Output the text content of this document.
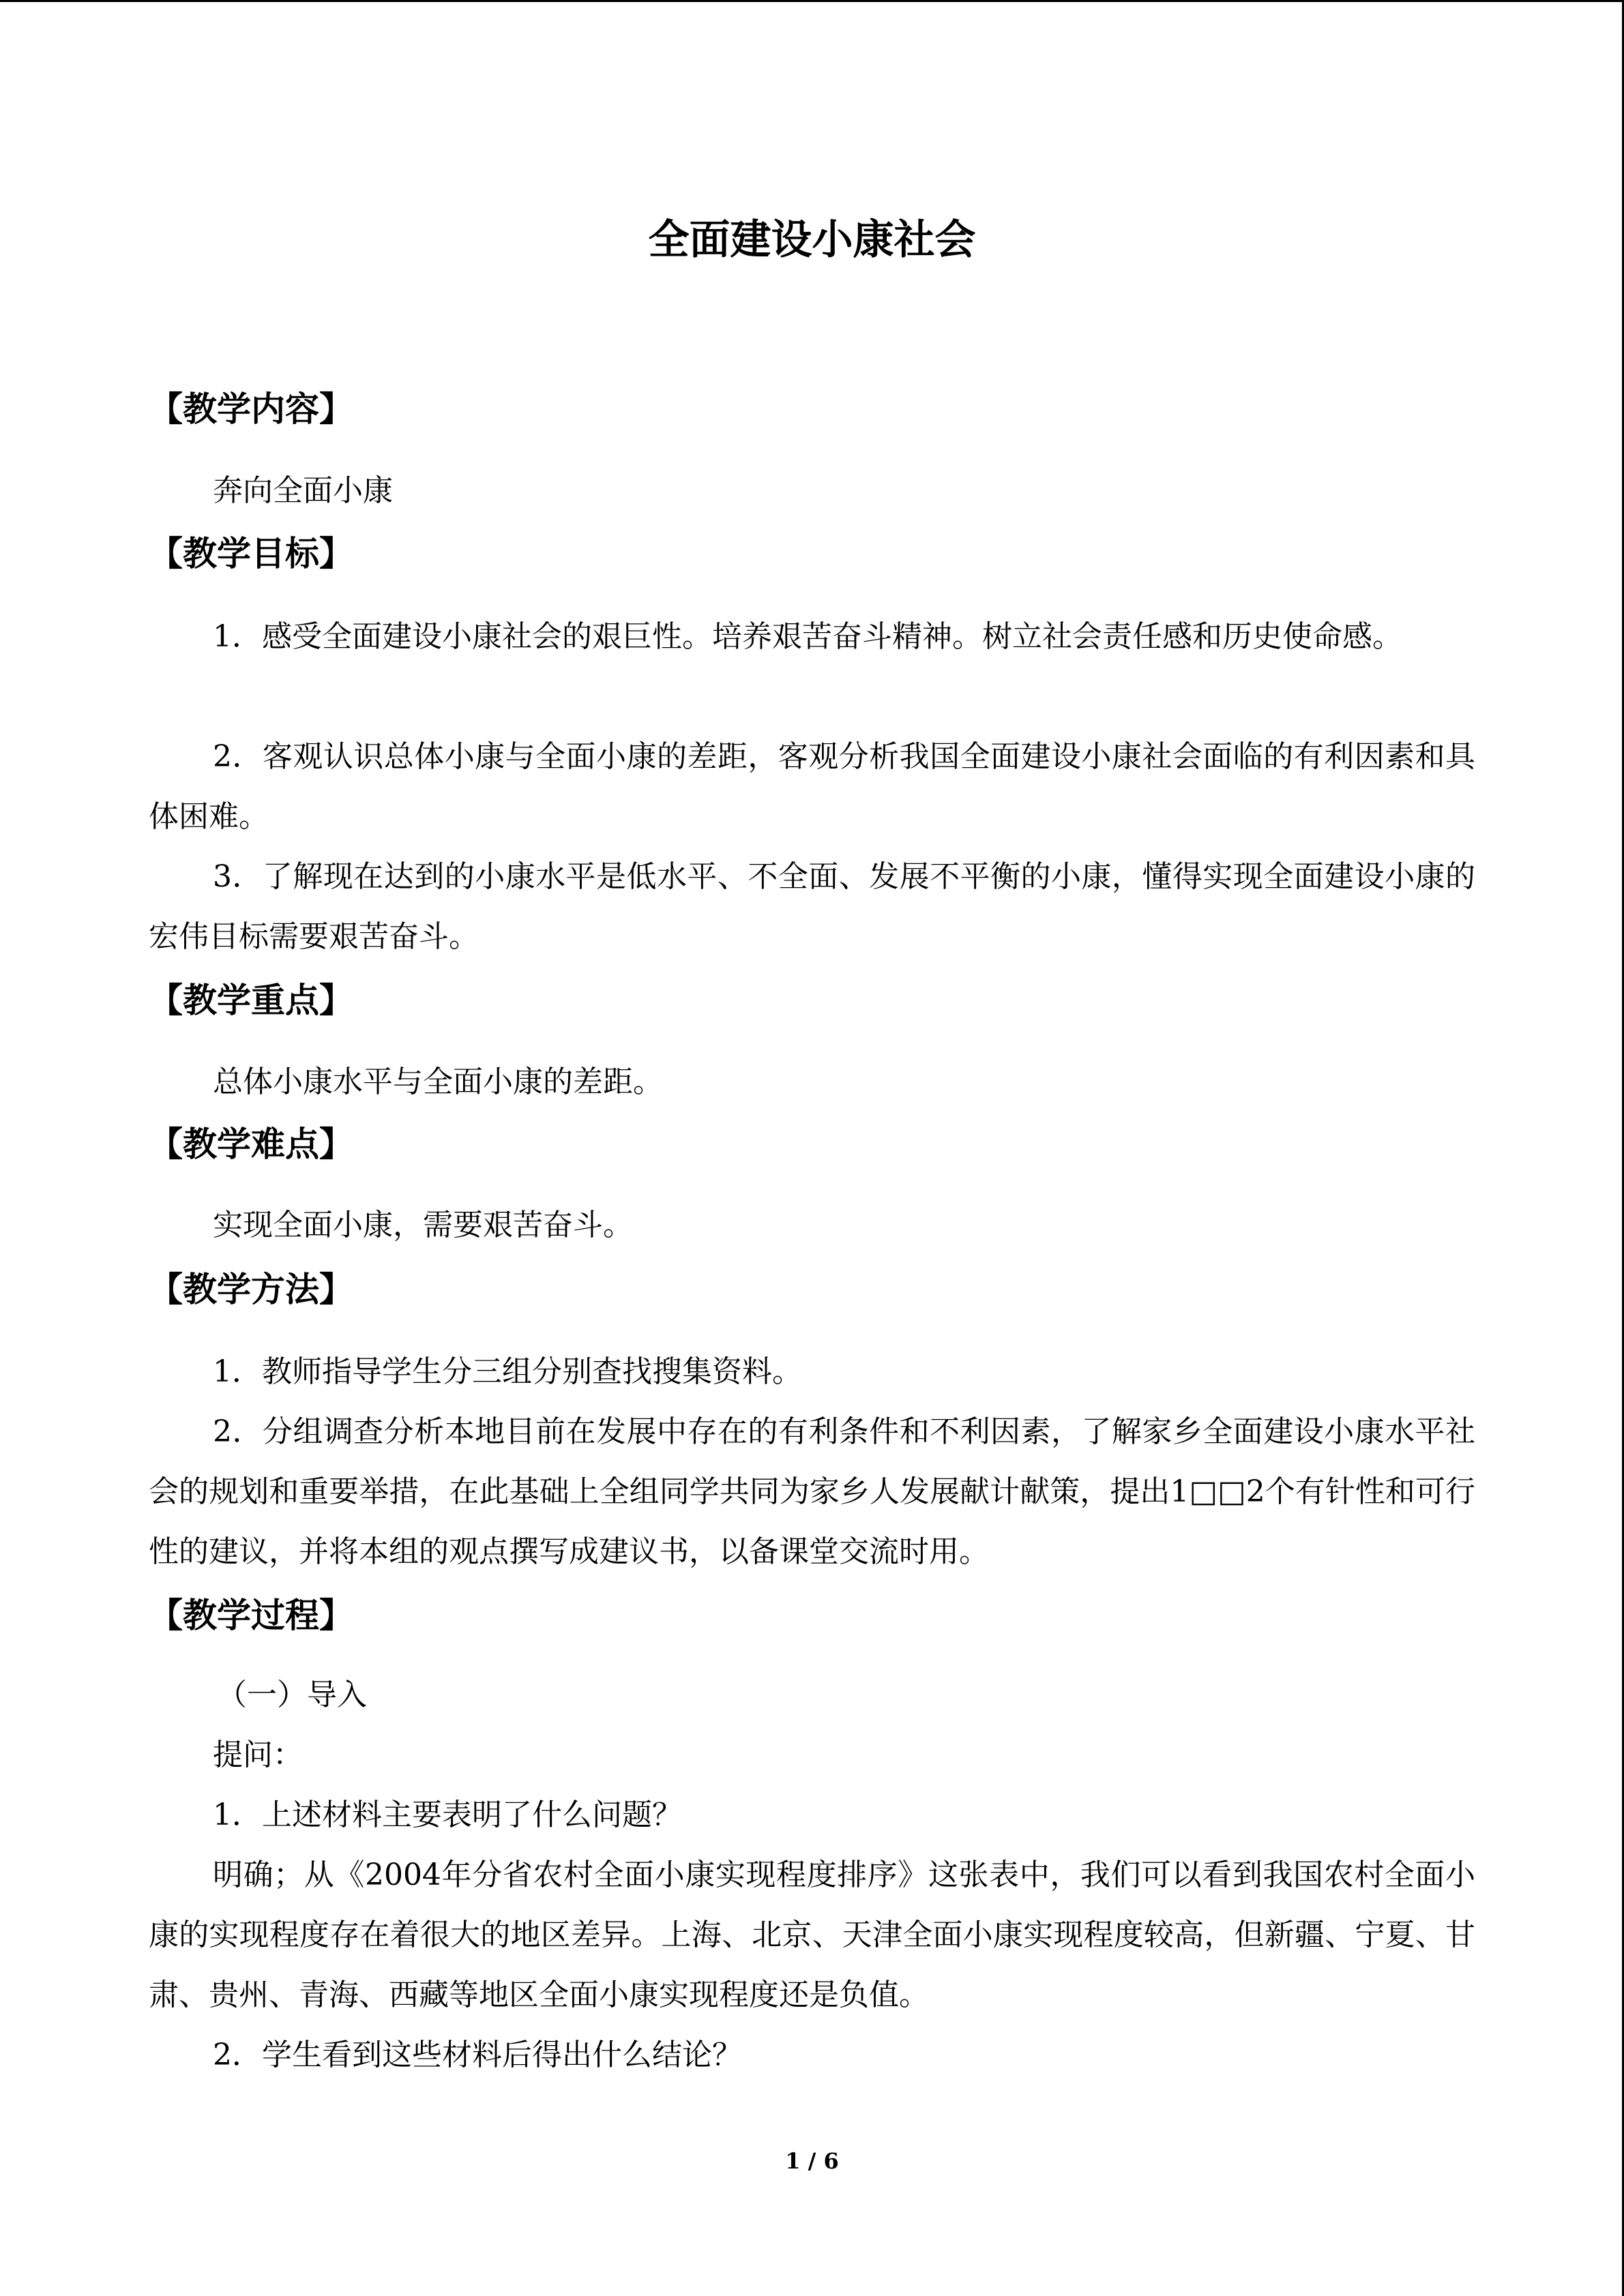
全面建设小康社会
【教学内容】

奔向全面小康

【教学目标】

1．感受全面建设小康社会的艰巨性。培养艰苦奋斗精神。树立社会责任感和历史使命感。

2．客观认识总体小康与全面小康的差距，客观分析我国全面建设小康社会面临的有利因素和具体困难。

3．了解现在达到的小康水平是低水平、不全面、发展不平衡的小康，懂得实现全面建设小康的宏伟目标需要艰苦奋斗。

【教学重点】

总体小康水平与全面小康的差距。

【教学难点】

实现全面小康，需要艰苦奋斗。

【教学方法】

1．教师指导学生分三组分别查找搜集资料。

2．分组调查分析本地目前在发展中存在的有利条件和不利因素，了解家乡全面建设小康水平社会的规划和重要举措，在此基础上全组同学共同为家乡人发展献计献策，提出1□□2个有针性和可行性的建议，并将本组的观点撰写成建议书，以备课堂交流时用。

【教学过程】

（一）导入

提问：

1．上述材料主要表明了什么问题？

明确；从《2004年分省农村全面小康实现程度排序》这张表中，我们可以看到我国农村全面小康的实现程度存在着很大的地区差异。上海、北京、天津全面小康实现程度较高，但新疆、宁夏、甘肃、贵州、青海、西藏等地区全面小康实现程度还是负值。

2．学生看到这些材料后得出什么结论？

1 / 6
